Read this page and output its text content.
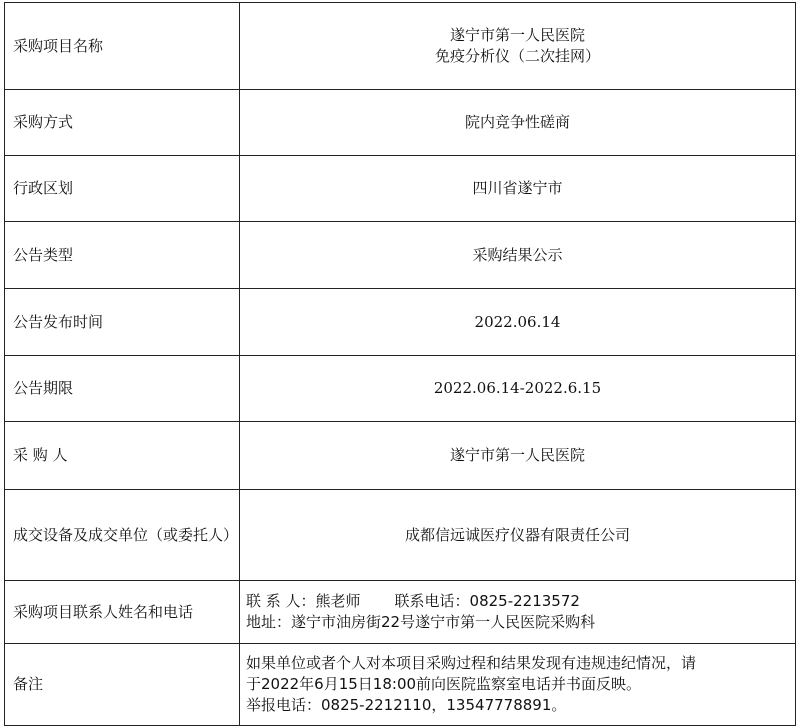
采购项目名称	遂宁市第一人民医院
免疫分析仪（二次挂网）

采购方式	院内竞争性磋商
行政区划	四川省遂宁市
公告类型	采购结果公示
公告发布时间	2022.06.14
公告期限	2022.06.14-2022.6.15
采 购 人	遂宁市第一人民医院
成交设备及成交单位（或委托人）	成都信远诚医疗仪器有限责任公司
采购项目联系人姓名和电话	联 系 人：熊老师 联系电话：0825-2213572
地址：遂宁市油房街22号遂宁市第一人民医院采购科

备注	如果单位或者个人对本项目采购过程和结果发现有违规违纪情况，请
于2022年6月15日18:00前向医院监察室电话并书面反映。
举报电话：0825-2212110，13547778891。
